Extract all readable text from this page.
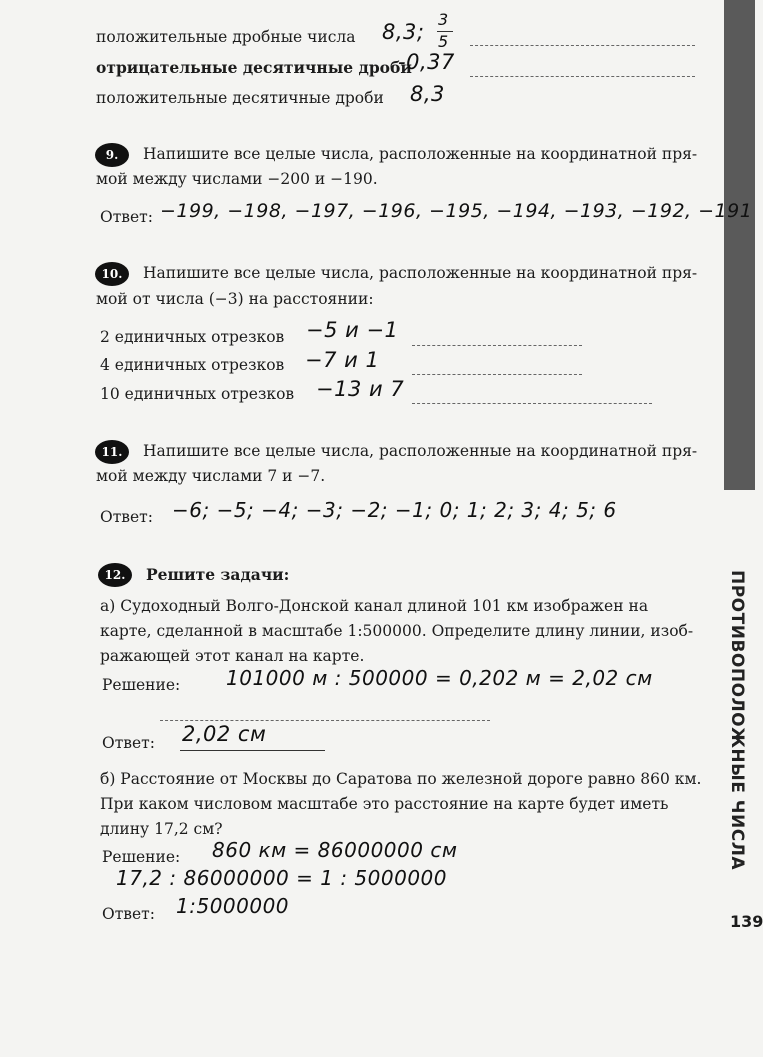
ПРОТИВОПОЛОЖНЫЕ ЧИСЛА
139
положительные дробные числа 8,3;
3
5
отрицательные десятичные дроби
-0,37
положительные десятичные дроби 8,3
9.	Напишите все целые числа, расположенные на координатной пря-
мой между числами −200 и −190.
Ответ: −199, −198, −197, −196, −195, −194, −193, −192, −191
10.	Напишите все целые числа, расположенные на координатной пря-
мой от числа (−3) на расстоянии:
2 единичных отрезков −5 и −1
4 единичных отрезков −7 и 1
10 единичных отрезков −13 и 7
11.	Напишите все целые числа, расположенные на координатной пря-
мой между числами 7 и −7.
Ответ: −6; −5; −4; −3; −2; −1; 0; 1; 2; 3; 4; 5; 6
12.	Решите задачи:
а) Судоходный Волго-Донской канал длиной 101 км изображен на
карте, сделанной в масштабе 1:500000. Определите длину линии, изоб-
ражающей этот канал на карте.
Решение: 101000 м : 500000 = 0,202 м = 2,02 см
Ответ: 2,02 см
б) Расстояние от Москвы до Саратова по железной дороге равно 860 км.
При каком числовом масштабе это расстояние на карте будет иметь
длину 17,2 см?
Решение: 860 км = 86000000 см
17,2 : 86000000 = 1 : 5000000
Ответ: 1:5000000
